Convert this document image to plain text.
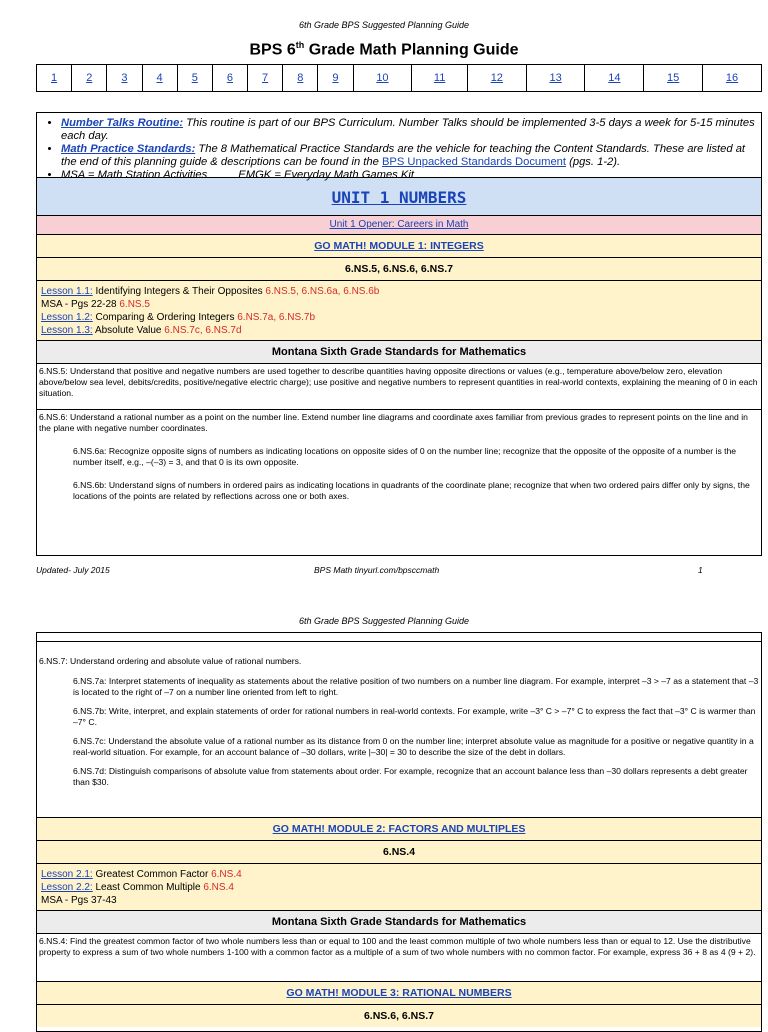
6th Grade BPS Suggested Planning Guide
BPS 6th Grade Math Planning Guide
1	2	3	4	5	6	7	8	9	10	11	12	13	14	15	16
• Number Talks Routine: This routine is part of our BPS Curriculum. Number Talks should be implemented 3-5 days a week for 5-15 minutes each day.
• Math Practice Standards: The 8 Mathematical Practice Standards are the vehicle for teaching the Content Standards. These are listed at the end of this planning guide & descriptions can be found in the BPS Unpacked Standards Document (pgs. 1-2).
• MSA = Math Station Activities          EMGK = Everyday Math Games Kit
UNIT 1 NUMBERS
Unit 1 Opener: Careers in Math
GO MATH! MODULE 1: INTEGERS
6.NS.5, 6.NS.6, 6.NS.7
Lesson 1.1: Identifying Integers & Their Opposites 6.NS.5, 6.NS.6a, 6.NS.6b
MSA - Pgs 22-28 6.NS.5
Lesson 1.2: Comparing & Ordering Integers 6.NS.7a, 6.NS.7b
Lesson 1.3: Absolute Value 6.NS.7c, 6.NS.7d
Montana Sixth Grade Standards for Mathematics
6.NS.5: Understand that positive and negative numbers are used together to describe quantities having opposite directions or values (e.g., temperature above/below zero, elevation above/below sea level, debits/credits, positive/negative electric charge); use positive and negative numbers to represent quantities in real-world contexts, explaining the meaning of 0 in each situation.
6.NS.6: Understand a rational number as a point on the number line. Extend number line diagrams and coordinate axes familiar from previous grades to represent points on the line and in the plane with negative number coordinates.
6.NS.6a: Recognize opposite signs of numbers as indicating locations on opposite sides of 0 on the number line; recognize that the opposite of the opposite of a number is the number itself, e.g., –(–3) = 3, and that 0 is its own opposite.
6.NS.6b: Understand signs of numbers in ordered pairs as indicating locations in quadrants of the coordinate plane; recognize that when two ordered pairs differ only by signs, the locations of the points are related by reflections across one or both axes.
Updated- July 2015	BPS Math tinyurl.com/bpsccmath	1
6th Grade BPS Suggested Planning Guide
6.NS.7: Understand ordering and absolute value of rational numbers.
6.NS.7a: Interpret statements of inequality as statements about the relative position of two numbers on a number line diagram. For example, interpret –3 > –7 as a statement that –3 is located to the right of –7 on a number line oriented from left to right.
6.NS.7b: Write, interpret, and explain statements of order for rational numbers in real-world contexts. For example, write –3° C > –7° C to express the fact that –3° C is warmer than –7° C.
6.NS.7c: Understand the absolute value of a rational number as its distance from 0 on the number line; interpret absolute value as magnitude for a positive or negative quantity in a real-world situation. For example, for an account balance of –30 dollars, write |–30| = 30 to describe the size of the debt in dollars.
6.NS.7d: Distinguish comparisons of absolute value from statements about order. For example, recognize that an account balance less than –30 dollars represents a debt greater than $30.
GO MATH! MODULE 2: FACTORS AND MULTIPLES
6.NS.4
Lesson 2.1: Greatest Common Factor 6.NS.4
Lesson 2.2: Least Common Multiple 6.NS.4
MSA - Pgs 37-43
Montana Sixth Grade Standards for Mathematics
6.NS.4: Find the greatest common factor of two whole numbers less than or equal to 100 and the least common multiple of two whole numbers less than or equal to 12. Use the distributive property to express a sum of two whole numbers 1-100 with a common factor as a multiple of a sum of two whole numbers with no common factor. For example, express 36 + 8 as 4 (9 + 2).
GO MATH! MODULE 3: RATIONAL NUMBERS
6.NS.6, 6.NS.7
